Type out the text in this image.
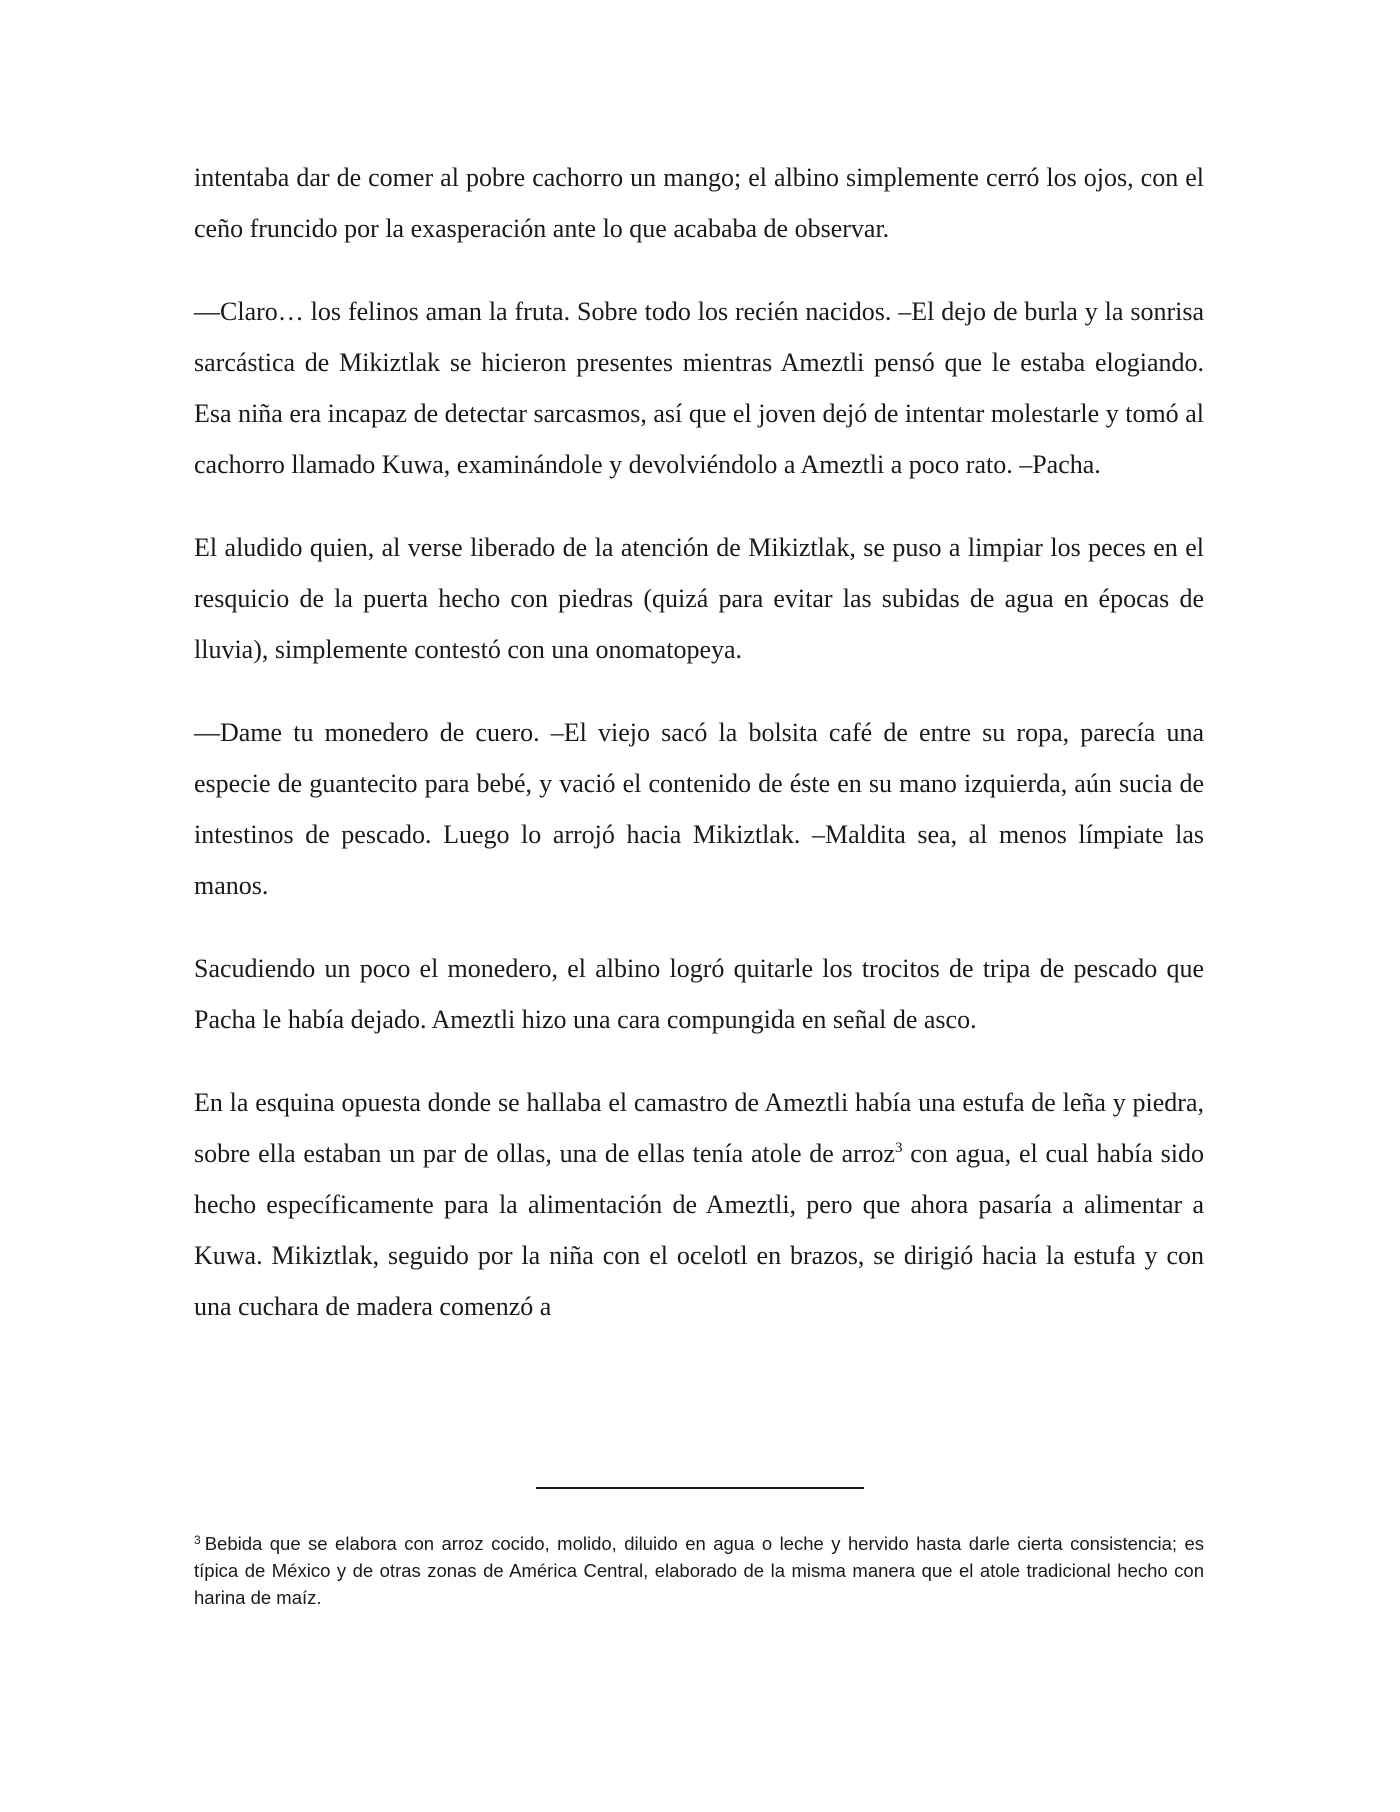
intentaba dar de comer al pobre cachorro un mango; el albino simplemente cerró los ojos, con el ceño fruncido por la exasperación ante lo que acababa de observar.

—Claro… los felinos aman la fruta. Sobre todo los recién nacidos. –El dejo de burla y la sonrisa sarcástica de Mikiztlak se hicieron presentes mientras Ameztli pensó que le estaba elogiando. Esa niña era incapaz de detectar sarcasmos, así que el joven dejó de intentar molestarle y tomó al cachorro llamado Kuwa, examinándole y devolviéndolo a Ameztli a poco rato. –Pacha.

El aludido quien, al verse liberado de la atención de Mikiztlak, se puso a limpiar los peces en el resquicio de la puerta hecho con piedras (quizá para evitar las subidas de agua en épocas de lluvia), simplemente contestó con una onomatopeya.

—Dame tu monedero de cuero. –El viejo sacó la bolsita café de entre su ropa, parecía una especie de guantecito para bebé, y vació el contenido de éste en su mano izquierda, aún sucia de intestinos de pescado. Luego lo arrojó hacia Mikiztlak. –Maldita sea, al menos límpiate las manos.

Sacudiendo un poco el monedero, el albino logró quitarle los trocitos de tripa de pescado que Pacha le había dejado. Ameztli hizo una cara compungida en señal de asco.

En la esquina opuesta donde se hallaba el camastro de Ameztli había una estufa de leña y piedra, sobre ella estaban un par de ollas, una de ellas tenía atole de arroz$^3$ con agua, el cual había sido hecho específicamente para la alimentación de Ameztli, pero que ahora pasaría a alimentar a Kuwa. Mikiztlak, seguido por la niña con el ocelotl en brazos, se dirigió hacia la estufa y con una cuchara de madera comenzó a

$^3$ Bebida que se elabora con arroz cocido, molido, diluido en agua o leche y hervido hasta darle cierta consistencia; es típica de México y de otras zonas de América Central, elaborado de la misma manera que el atole tradicional hecho con harina de maíz.
